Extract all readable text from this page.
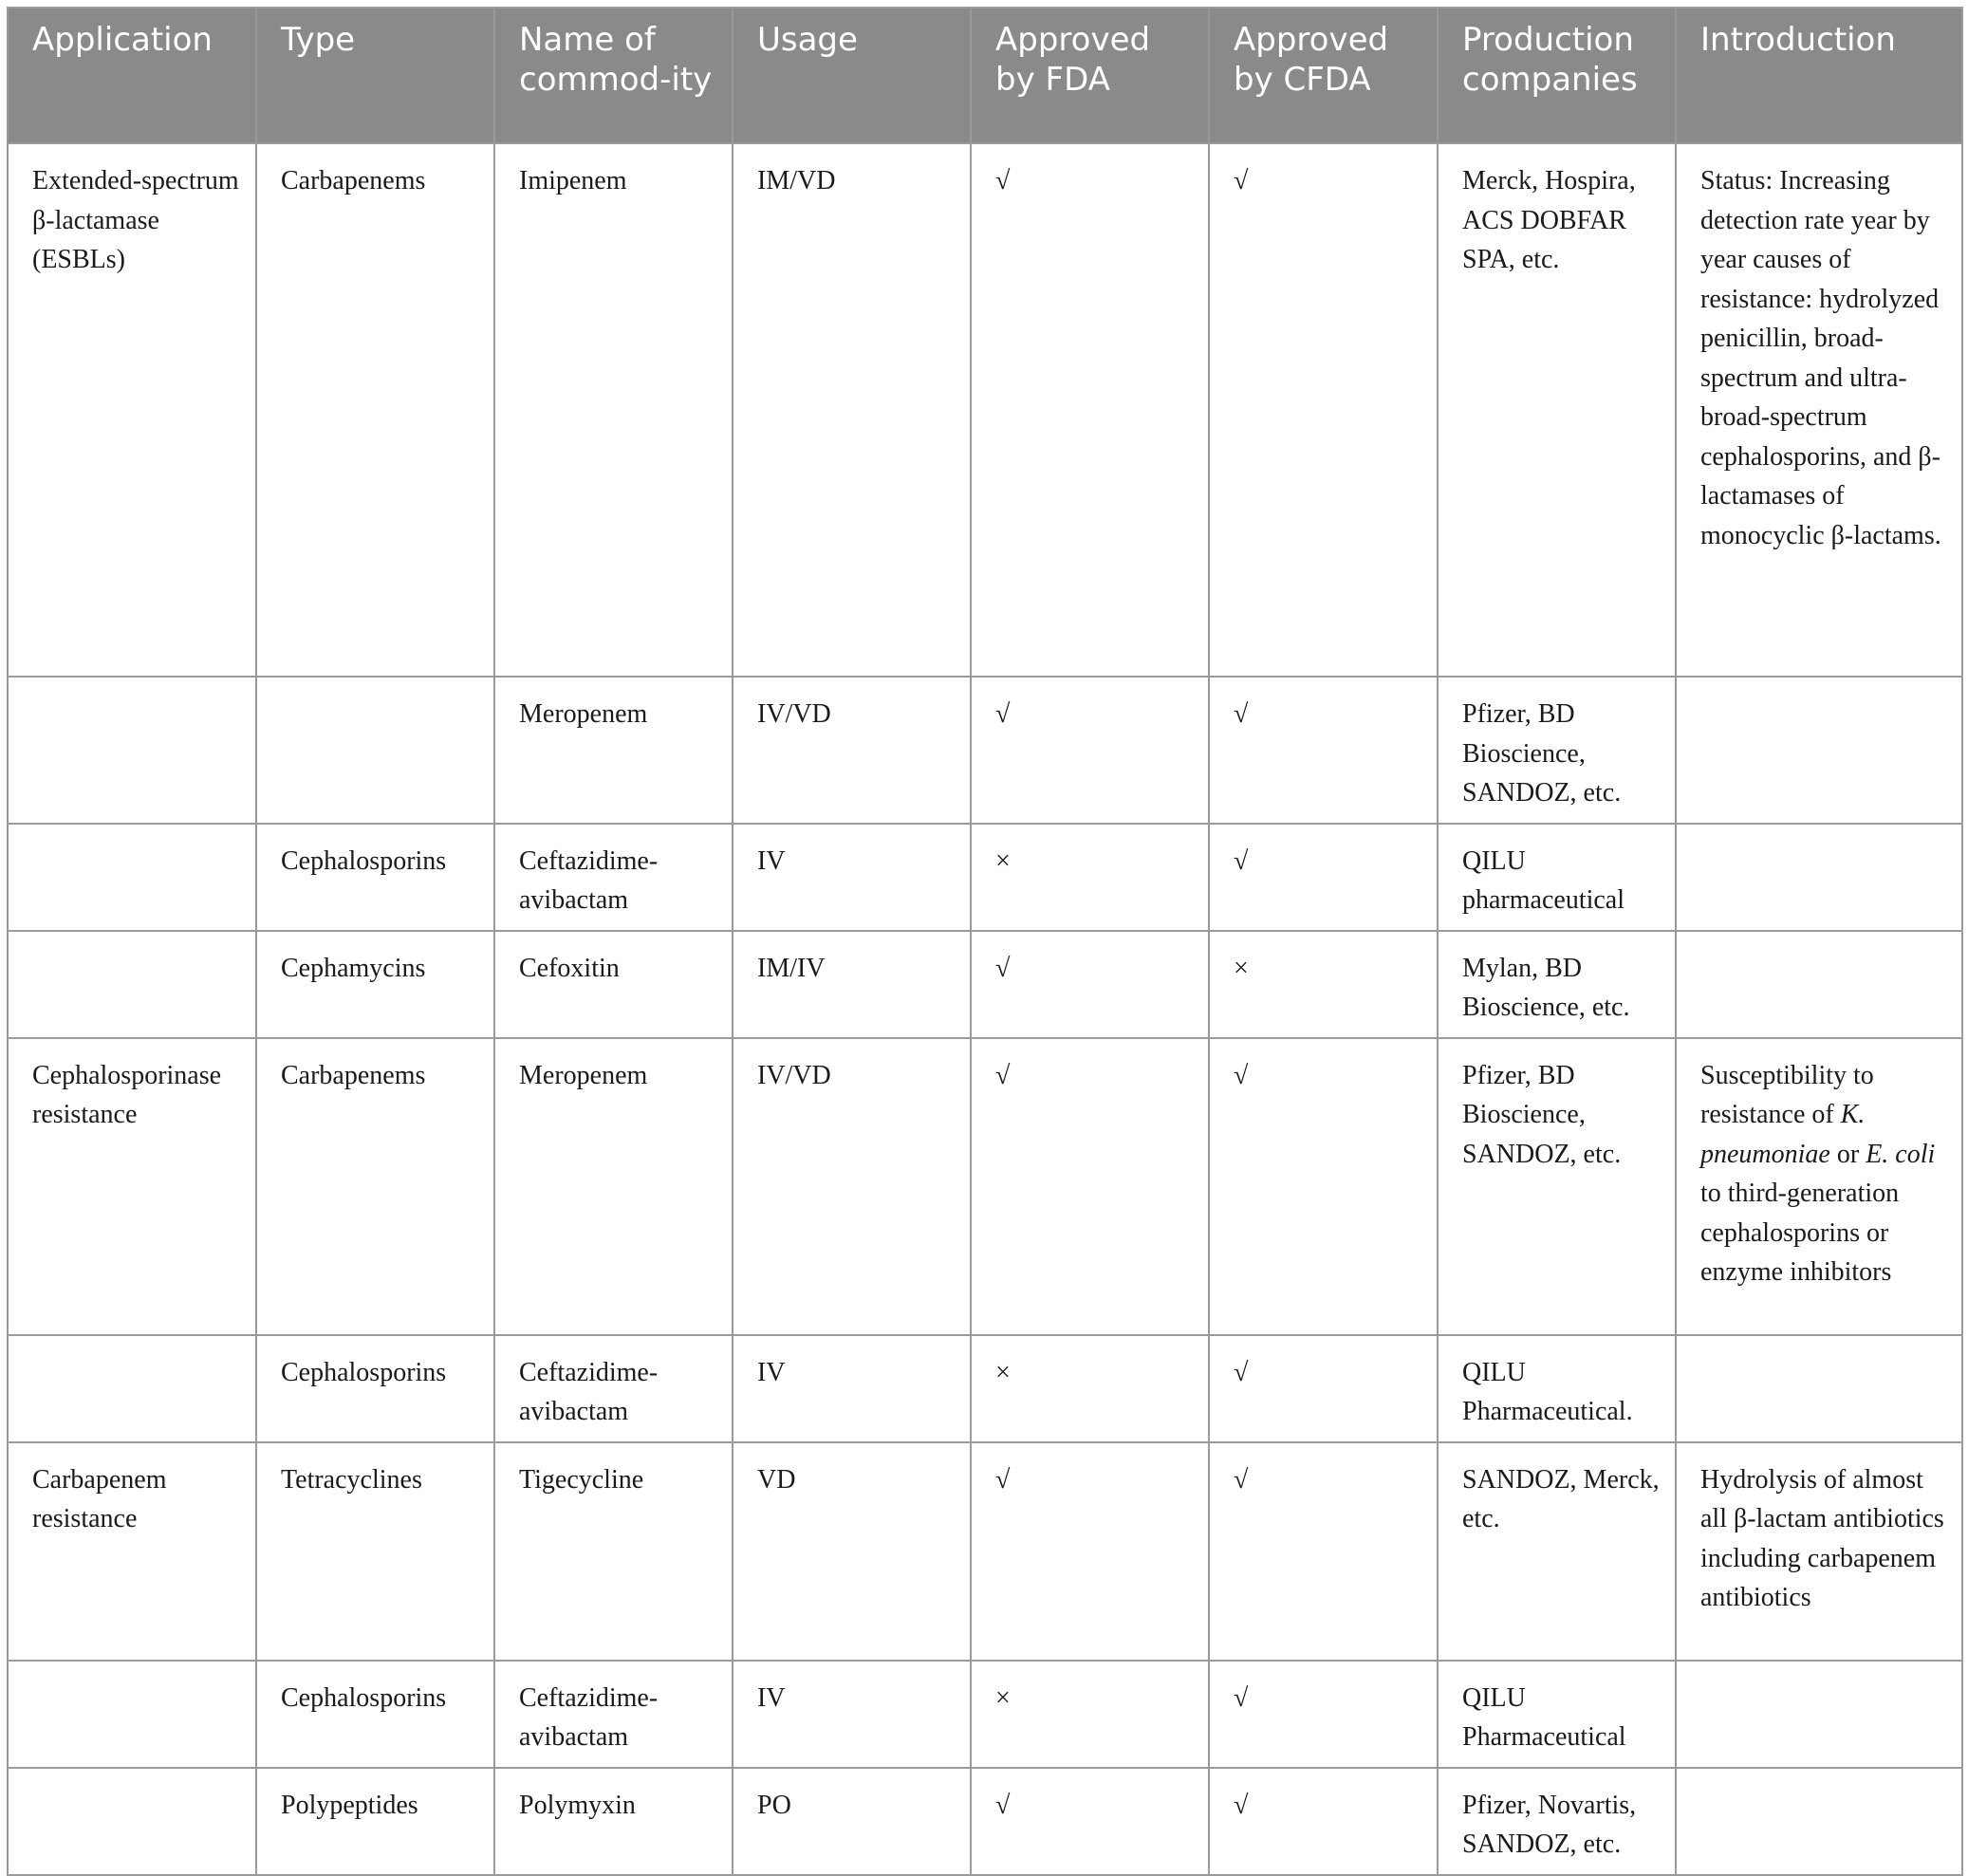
Application	Type	Name of commod-ity	Usage	Approved by FDA	Approved by CFDA	Production companies	Introduction
Extended-spectrum β-lactamase (ESBLs)	Carbapenems	Imipenem	IM/VD	√	√	Merck, Hospira, ACS DOBFAR SPA, etc.	Status: Increasing detection rate year by year causes of resistance: hydrolyzed penicillin, broad-spectrum and ultra-broad-spectrum cephalosporins, and β-lactamases of monocyclic β-lactams.
		Meropenem	IV/VD	√	√	Pfizer, BD Bioscience, SANDOZ, etc.	
	Cephalosporins	Ceftazidime-avibactam	IV	×	√	QILU pharmaceutical	
	Cephamycins	Cefoxitin	IM/IV	√	×	Mylan, BD Bioscience, etc.	
Cephalosporinase resistance	Carbapenems	Meropenem	IV/VD	√	√	Pfizer, BD Bioscience, SANDOZ, etc.	Susceptibility to resistance of K. pneumoniae or E. coli to third-generation cephalosporins or enzyme inhibitors
	Cephalosporins	Ceftazidime-avibactam	IV	×	√	QILU Pharmaceutical.	
Carbapenem resistance	Tetracyclines	Tigecycline	VD	√	√	SANDOZ, Merck, etc.	Hydrolysis of almost all β-lactam antibiotics including carbapenem antibiotics
	Cephalosporins	Ceftazidime-avibactam	IV	×	√	QILU Pharmaceutical	
	Polypeptides	Polymyxin	PO	√	√	Pfizer, Novartis, SANDOZ, etc.	
